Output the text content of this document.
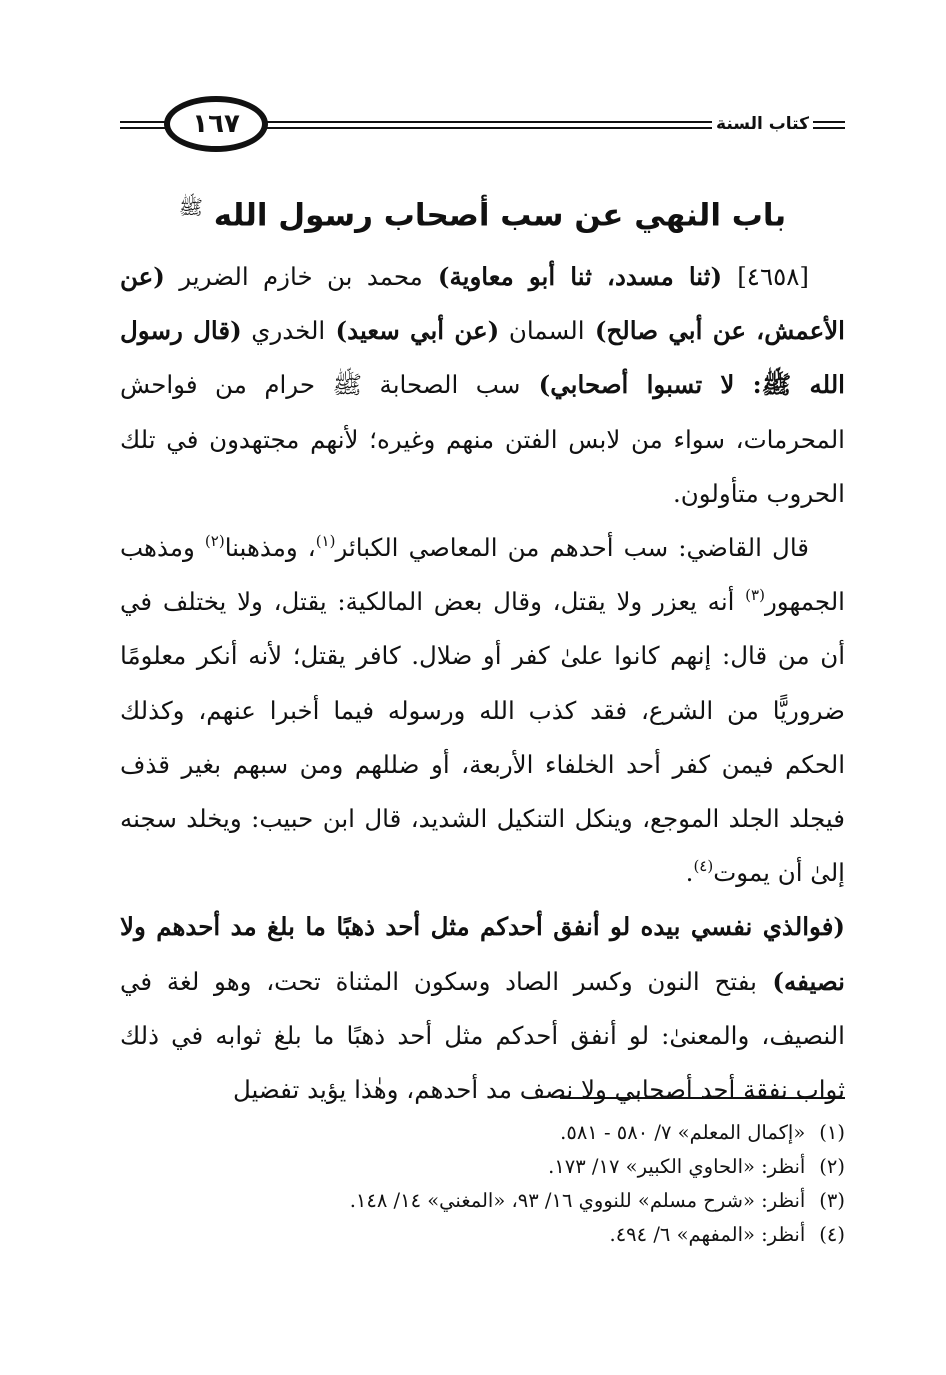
١٦٧	كتاب السنة
باب النهي عن سب أصحاب رسول الله $^ﷺ$

[٤٦٥٨] (ثنا مسدد، ثنا أبو معاوية) محمد بن خازم الضرير (عن الأعمش، عن أبي صالح) السمان (عن أبي سعيد) الخدري (قال رسول الله ﷺ: لا تسبوا أصحابي) سب الصحابة ﷺ حرام من فواحش المحرمات، سواء من لابس الفتن منهم وغيره؛ لأنهم مجتهدون في تلك الحروب متأولون.

قال القاضي: سب أحدهم من المعاصي الكبائر$^{(١)}$، ومذهبنا$^{(٢)}$ ومذهب الجمهور$^{(٣)}$ أنه يعزر ولا يقتل، وقال بعض المالكية: يقتل، ولا يختلف في أن من قال: إنهم كانوا علىٰ كفر أو ضلال. كافر يقتل؛ لأنه أنكر معلومًا ضروريًّا من الشرع، فقد كذب الله ورسوله فيما أخبرا عنهم، وكذلك الحكم فيمن كفر أحد الخلفاء الأربعة، أو ضللهم ومن سبهم بغير قذف فيجلد الجلد الموجع، وينكل التنكيل الشديد، قال ابن حبيب: ويخلد سجنه إلىٰ أن يموت$^{(٤)}$.

(فوالذي نفسي بيده لو أنفق أحدكم مثل أحد ذهبًا ما بلغ مد أحدهم ولا نصيفه) بفتح النون وكسر الصاد وسكون المثناة تحت، وهو لغة في النصيف، والمعنىٰ: لو أنفق أحدكم مثل أحد ذهبًا ما بلغ ثوابه في ذلك ثواب نفقة أحد أصحابي ولا نصف مد أحدهم، وهٰذا يؤيد تفضيل

(١)
«إكمال المعلم» ٧/ ٥٨٠ - ٥٨١.

(٢)
أنظر: «الحاوي الكبير» ١٧/ ١٧٣.

(٣)
أنظر: «شرح مسلم» للنووي ١٦/ ٩٣، «المغني» ١٤/ ١٤٨.

(٤)
أنظر: «المفهم» ٦/ ٤٩٤.
